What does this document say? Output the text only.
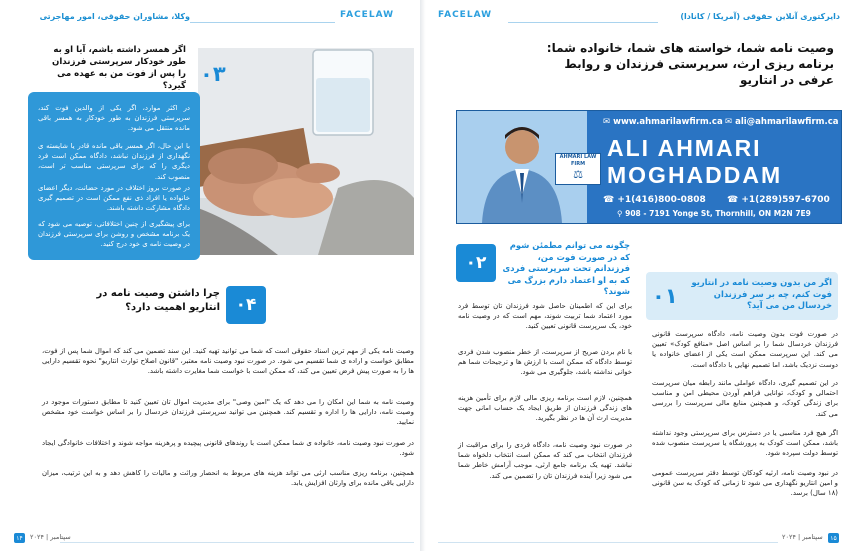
FACELAW
وکلا، مشاوران حقوقی، امور مهاجرتی
۰۳
اگر همسر داشته باشم، آیا او به طور خودکار سرپرستی فرزندان را پس از فوت من به عهده می گیرد؟
در اکثر موارد، اگر یکی از والدین فوت کند، سرپرستی فرزندان به طور خودکار به همسر باقی مانده منتقل می شود.
با این حال، اگر همسر باقی مانده قادر یا شایسته ی نگهداری از فرزندان نباشد، دادگاه ممکن است فرد دیگری را که برای سرپرستی مناسب تر است، منصوب کند.
در صورت بروز اختلاف در مورد حضانت، دیگر اعضای خانواده یا افراد ذی نفع ممکن است در تصمیم گیری دادگاه مشارکت داشته باشند.
برای پیشگیری از چنین اختلافاتی، توصیه می شود که یک برنامه مشخص و روشن برای سرپرستی فرزندان در وصیت نامه ی خود درج کنید.
۰۴
چرا داشتن وصیت نامه در انتاریو اهمیت دارد؟
وصیت نامه یکی از مهم ترین اسناد حقوقی است که شما می توانید تهیه کنید. این سند تضمین می کند که اموال شما پس از فوت، مطابق خواست و اراده ی شما تقسیم می شود. در صورت نبود وصیت نامه معتبر، "قانون اصلاح توارث انتاریو" نحوه تقسیم دارایی ها را به صورت پیش فرض تعیین می کند، که ممکن است با خواست شما مغایرت داشته باشد.
وصیت نامه به شما این امکان را می دهد که یک "امین وصی" برای مدیریت اموال تان تعیین کنید تا مطابق دستورات موجود در وصیت نامه، دارایی ها را اداره و تقسیم کند. همچنین می توانید سرپرستی فرزندان خردسال را بر اساس خواست خود مشخص نمایید.
در صورت نبود وصیت نامه، خانواده ی شما ممکن است با روندهای قانونی پیچیده و پرهزینه مواجه شوند و اختلافات خانوادگی ایجاد شود.
همچنین، برنامه ریزی مناسب ارثی می تواند هزینه های مربوط به انحصار وراثت و مالیات را کاهش دهد و به این ترتیب، میزان دارایی باقی مانده برای وارثان افزایش یابد.
۱۴	۲۰۲۴ | سپتامبر
FACELAW	دایرکتوری آنلاین حقوقی (آمریکا / کانادا)
وصیت نامه شما، خواسته های شما، خانواده شما: برنامه ریزی ارث، سرپرستی فرزندان و روابط عرفی در انتاریو
AHMARI LAW FIRM
⚖
✉ www.ahmarilawfirm.ca ✉ ali@ahmarilawfirm.ca
ALI AHMARI
MOGHADDAM
☎ +1(416)800-0808 ☎ +1(289)597-6700
⚲ 908 - 7191 Yonge St, Thornhill, ON M2N 7E9
۰۲
چگونه می توانم مطمئن شوم که در صورت فوت من، فرزندانم تحت سرپرستی فردی که به او اعتماد دارم بزرگ می شوند؟
برای این که اطمینان حاصل شود فرزندان تان توسط فرد مورد اعتماد شما تربیت شوند، مهم است که در وصیت نامه خود، یک سرپرست قانونی تعیین کنید.
با نام بردن صریح از سرپرست، از خطر منصوب شدن فردی توسط دادگاه که ممکن است با ارزش ها و ترجیحات شما هم خوانی نداشته باشد، جلوگیری می شود.
همچنین، لازم است برنامه ریزی مالی لازم برای تأمین هزینه های زندگی فرزندان از طریق ایجاد یک حساب امانی جهت مدیریت ارث آن ها در نظر بگیرید.
در صورت نبود وصیت نامه، دادگاه فردی را برای مراقبت از فرزندان انتخاب می کند که ممکن است انتخاب دلخواه شما نباشد. تهیه یک برنامه جامع ارثی، موجب آرامش خاطر شما می شود زیرا آینده فرزندان تان را تضمین می کند.
۰۱
اگر من بدون وصیت نامه در انتاریو فوت کنم، چه بر سر فرزندان خردسال من می آید؟
در صورت فوت بدون وصیت نامه، دادگاه سرپرست قانونی فرزندان خردسال شما را بر اساس اصل «منافع کودک» تعیین می کند. این سرپرست ممکن است یکی از اعضای خانواده یا دوست نزدیک باشد، اما تصمیم نهایی با دادگاه است.
در این تصمیم گیری، دادگاه عواملی مانند رابطه میان سرپرست احتمالی و کودک، توانایی فراهم آوردن محیطی امن و مناسب برای زندگی کودک، و همچنین منابع مالی سرپرست را بررسی می کند.
اگر هیچ فرد مناسبی یا در دسترس برای سرپرستی وجود نداشته باشد، ممکن است کودک به پرورشگاه یا سرپرست منصوب شده توسط دولت سپرده شود.
در نبود وصیت نامه، ارثیه کودکان توسط دفتر سرپرست عمومی و امین انتاریو نگهداری می شود تا زمانی که کودک به سن قانونی (۱۸ سال) برسد.
سپتامبر | ۲۰۲۴	۱۵
